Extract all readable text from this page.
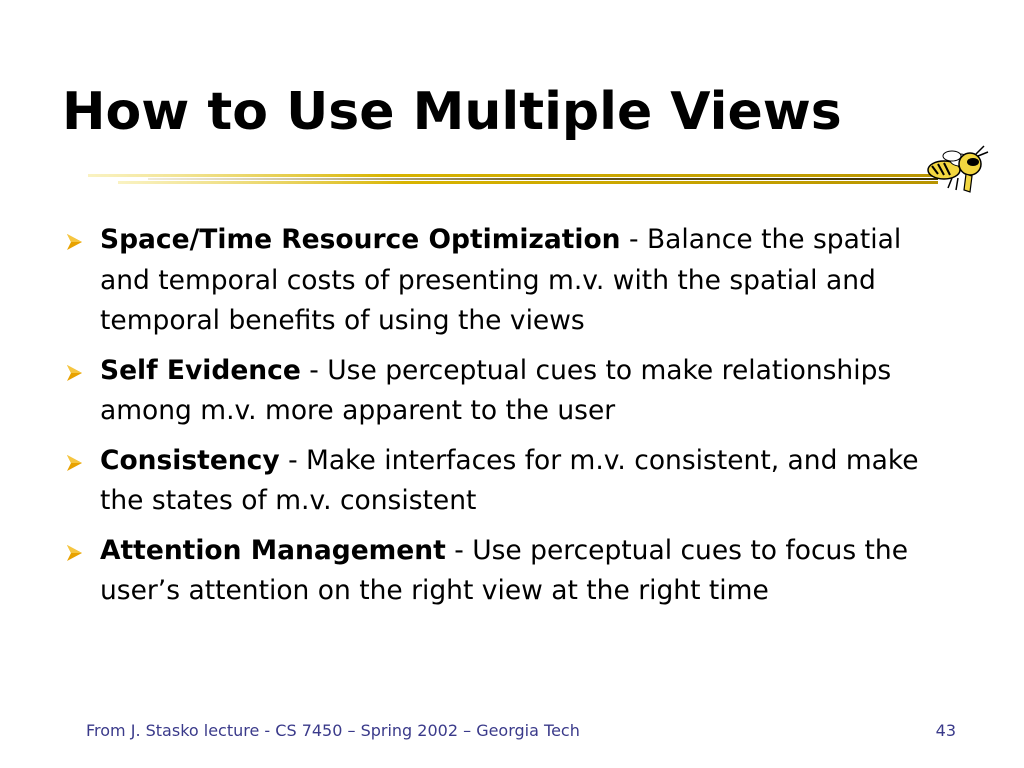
How to Use Multiple Views
Space/Time Resource Optimization - Balance the spatial and temporal costs of presenting m.v. with the spatial and temporal benefits of using the views
Self Evidence - Use perceptual cues to make relationships among m.v. more apparent to the user
Consistency - Make interfaces for m.v. consistent, and make the states of m.v. consistent
Attention Management - Use perceptual cues to focus the user’s attention on the right view at the right time
From J. Stasko lecture - CS 7450 – Spring 2002 – Georgia Tech	43
